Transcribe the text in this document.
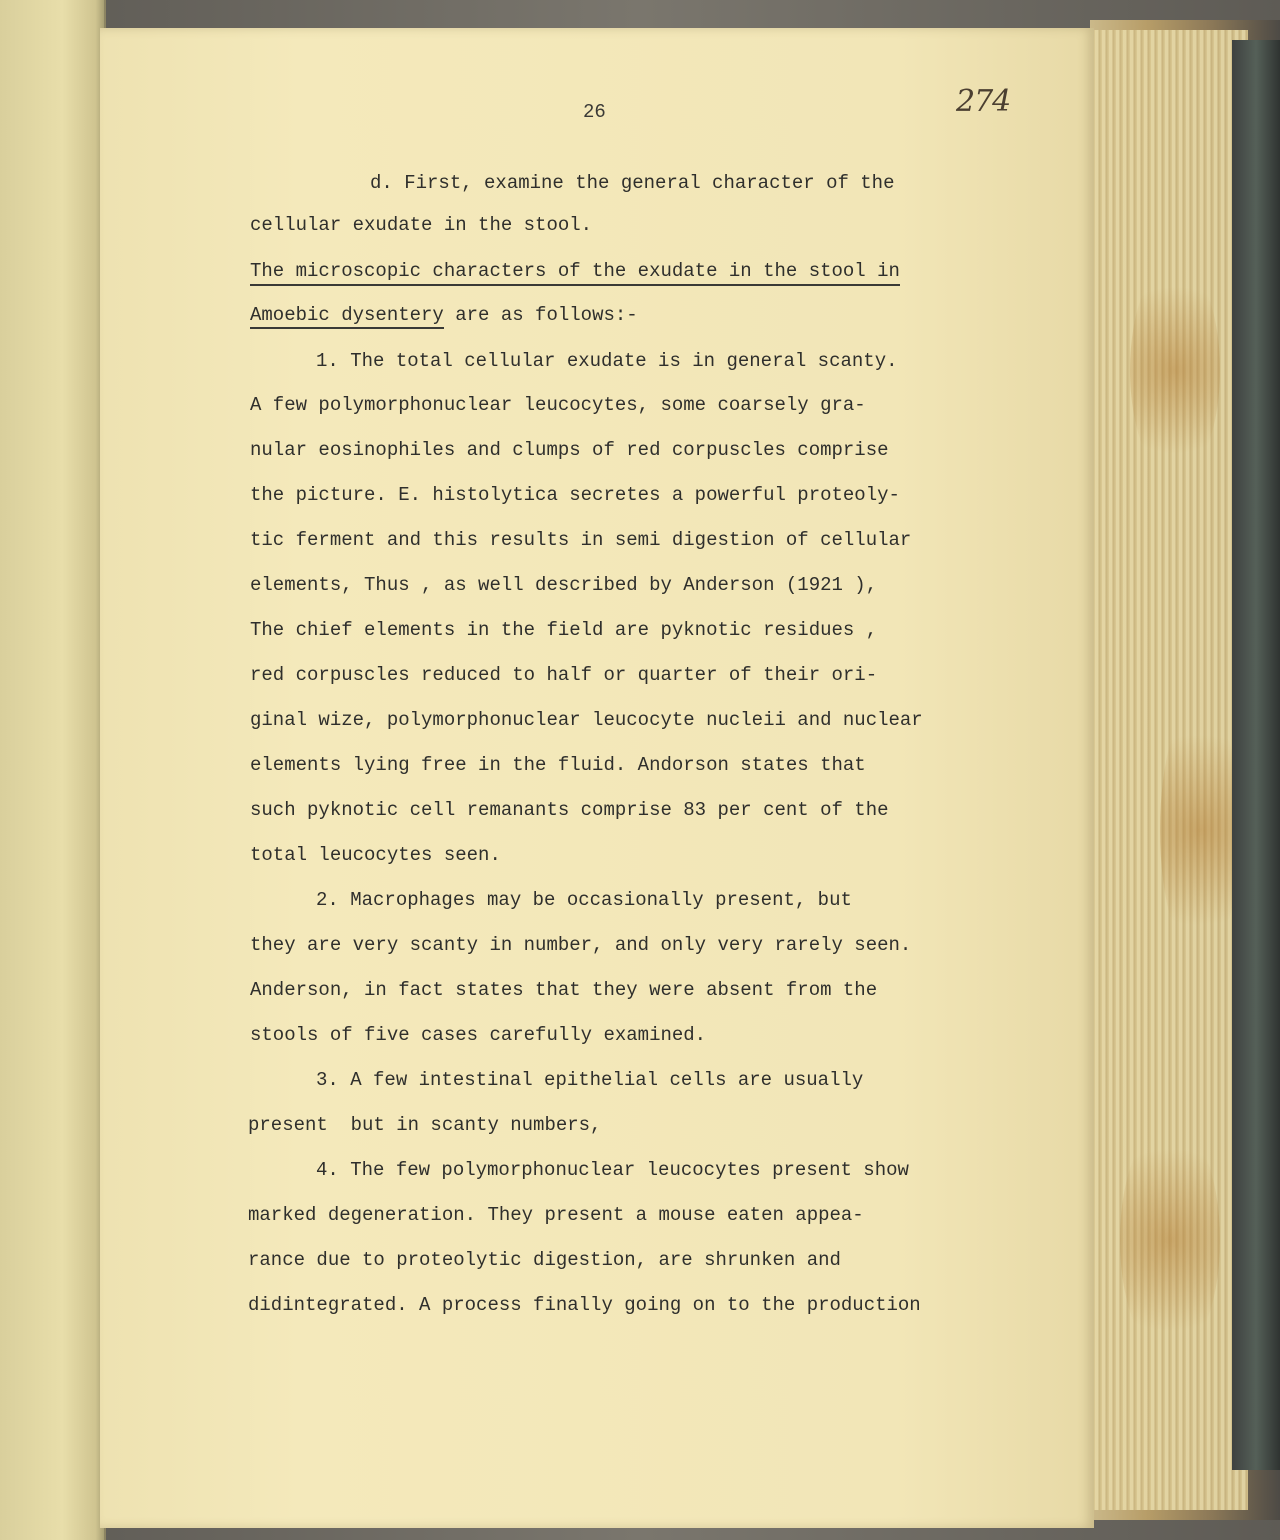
26	274

d. First, examine the general character of the

cellular exudate in the stool.

The microscopic characters of the exudate in the stool in

Amoebic dysentery are as follows:-

1. The total cellular exudate is in general scanty.

A few polymorphonuclear leucocytes, some coarsely gra-

nular eosinophiles and clumps of red corpuscles comprise

the picture. E. histolytica secretes a powerful proteoly-

tic ferment and this results in semi digestion of cellular

elements, Thus , as well described by Anderson (1921 ),

The chief elements in the field are pyknotic residues ,

red corpuscles reduced to half or quarter of their ori-

ginal wize, polymorphonuclear leucocyte nucleii and nuclear

elements lying free in the fluid. Andorson states that

such pyknotic cell remanants comprise 83 per cent of the

total leucocytes seen.

2. Macrophages may be occasionally present, but

they are very scanty in number, and only very rarely seen.

Anderson, in fact states that they were absent from the

stools of five cases carefully examined.

3. A few intestinal epithelial cells are usually

present  but in scanty numbers,

4. The few polymorphonuclear leucocytes present show

marked degeneration. They present a mouse eaten appea-

rance due to proteolytic digestion, are shrunken and

didintegrated. A process finally going on to the production
